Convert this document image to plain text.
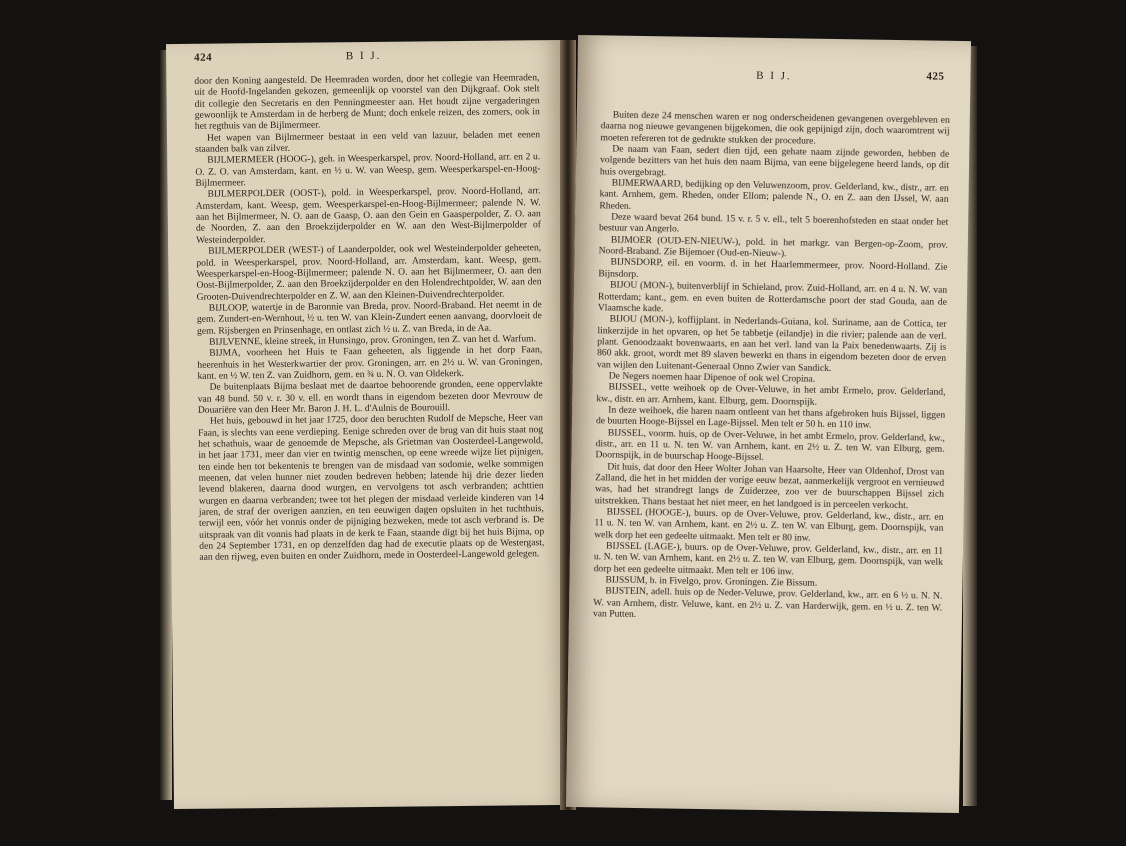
424	B I J.

door den Koning aangesteld. De Heemraden worden, door het collegie van Heemraden, uit de Hoofd-Ingelanden gekozen, gemeenlijk op voorstel van den Dijkgraaf. Ook stelt dit collegie den Secretaris en den Penningmeester aan. Het houdt zijne vergaderingen gewoonlijk te Amsterdam in de herberg de Munt; doch enkele reizen, des zomers, ook in het regthuis van de Bijlmermeer.

Het wapen van Bijlmermeer bestaat in een veld van lazuur, beladen met eenen staanden balk van zilver.

BIJLMERMEER (HOOG-), geh. in Weesperkarspel, prov. Noord-Holland, arr. en 2 u. O. Z. O. van Amsterdam, kant. en ½ u. W. van Weesp, gem. Weesperkarspel-en-Hoog-Bijlmermeer.

BIJLMERPOLDER (OOST-), pold. in Weesperkarspel, prov. Noord-Holland, arr. Amsterdam, kant. Weesp, gem. Weesperkarspel-en-Hoog-Bijlmermeer; palende N. W. aan het Bijlmermeer, N. O. aan de Gaasp, O. aan den Gein en Gaasperpolder, Z. O. aan de Noorden, Z. aan den Broekzijderpolder en W. aan den West-Bijlmerpolder of Westeinderpolder.

BIJLMERPOLDER (WEST-) of Laanderpolder, ook wel Westeinderpolder geheeten, pold. in Weesperkarspel, prov. Noord-Holland, arr. Amsterdam, kant. Weesp, gem. Weesperkarspel-en-Hoog-Bijlmermeer; palende N. O. aan het Bijlmermeer, O. aan den Oost-Bijlmerpolder, Z. aan den Broekzijderpolder en den Holendrechtpolder, W. aan den Grooten-Duivendrechterpolder en Z. W. aan den Kleinen-Duivendrechterpolder.

BIJLOOP, watertje in de Baronnie van Breda, prov. Noord-Braband. Het neemt in de gem. Zundert-en-Wernhout, ½ u. ten W. van Klein-Zundert eenen aanvang, doorvloeit de gem. Rijsbergen en Prinsenhage, en ontlast zich ½ u. Z. van Breda, in de Aa.

BIJLVENNE, kleine streek, in Hunsingo, prov. Groningen, ten Z. van het d. Warfum.

BIJMA, voorheen het Huis te Faan geheeten, als liggende in het dorp Faan, heerenhuis in het Westerkwartier der prov. Groningen, arr. en 2½ u. W. van Groningen, kant. en ½ W. ten Z. van Zuidhorn, gem. en ¾ u. N. O. van Oldekerk.

De buitenplaats Bijma beslaat met de daartoe behoorende gronden, eene oppervlakte van 48 bund. 50 v. r. 30 v. ell. en wordt thans in eigendom bezeten door Mevrouw de Douariëre van den Heer Mr. Baron J. H. L. d'Aulnis de Bourouill.

Het huis, gebouwd in het jaar 1725, door den beruchten Rudolf de Mepsche, Heer van Faan, is slechts van eene verdieping. Eenige schreden over de brug van dit huis staat nog het schathuis, waar de genoemde de Mepsche, als Grietman van Oosterdeel-Langewold, in het jaar 1731, meer dan vier en twintig menschen, op eene wreede wijze liet pijnigen, ten einde hen tot bekentenis te brengen van de misdaad van sodomie, welke sommigen meenen, dat velen hunner niet zouden bedreven hebben; latende hij drie dezer lieden levend blakeren, daarna dood wurgen, en vervolgens tot asch verbranden; achttien wurgen en daarna verbranden; twee tot het plegen der misdaad verleide kinderen van 14 jaren, de straf der overigen aanzien, en ten eeuwigen dagen opsluiten in het tuchthuis, terwijl een, vóór het vonnis onder de pijniging bezweken, mede tot asch verbrand is. De uitspraak van dit vonnis had plaats in de kerk te Faan, staande digt bij het huis Bijma, op den 24 September 1731, en op denzelfden dag had de executie plaats op de Westergast, aan den rijweg, even buiten en onder Zuidhorn, mede in Oosterdeel-Langewold gelegen.

B I J.	425

Buiten deze 24 menschen waren er nog onderscheidenen gevangenen overgebleven en daarna nog nieuwe gevangenen bijgekomen, die ook gepijnigd zijn, doch waaromtrent wij moeten refereren tot de gedrukte stukken der procedure.

De naam van Faan, sedert dien tijd, een gehate naam zijnde geworden, hebben de volgende bezitters van het huis den naam Bijma, van eene bijgelegene heerd lands, op dit huis overgebragt.

BIJMERWAARD, bedijking op den Veluwenzoom, prov. Gelderland, kw., distr., arr. en kant. Arnhem, gem. Rheden, onder Ellom; palende N., O. en Z. aan den IJssel, W. aan Rheden.

Deze waard bevat 264 bund. 15 v. r. 5 v. ell., telt 5 boerenhofsteden en staat onder het bestuur van Angerlo.

BIJMOER (OUD-EN-NIEUW-), pold. in het markgr. van Bergen-op-Zoom, prov. Noord-Braband. Zie Bijemoer (Oud-en-Nieuw-).

BIJNSDORP, eil. en voorm. d. in het Haarlemmermeer, prov. Noord-Holland. Zie Bijnsdorp.

BIJOU (MON-), buitenverblijf in Schieland, prov. Zuid-Holland, arr. en 4 u. N. W. van Rotterdam; kant., gem. en even buiten de Rotterdamsche poort der stad Gouda, aan de Vlaamsche kade.

BIJOU (MON-), koffijplant. in Nederlands-Guiana, kol. Suriname, aan de Cottica, ter linkerzijde in het opvaren, op het 5e tabbetje (eilandje) in die rivier; palende aan de verl. plant. Genoodzaakt bovenwaarts, en aan het verl. land van la Paix benedenwaarts. Zij is 860 akk. groot, wordt met 89 slaven bewerkt en thans in eigendom bezeten door de erven van wijlen den Luitenant-Generaal Onno Zwier van Sandick.

De Negers noemen haar Dipenoe of ook wel Cropina.

BIJSSEL, vette weihoek op de Over-Veluwe, in het ambt Ermelo, prov. Gelderland, kw., distr. en arr. Arnhem, kant. Elburg, gem. Doornspijk.

In deze weihoek, die haren naam ontleent van het thans afgebroken huis Bijssel, liggen de buurten Hooge-Bijssel en Lage-Bijssel. Men telt er 50 h. en 110 inw.

BIJSSEL, voorm. huis, op de Over-Veluwe, in het ambt Ermelo, prov. Gelderland, kw., distr., arr. en 11 u. N. ten W. van Arnhem, kant. en 2½ u. Z. ten W. van Elburg, gem. Doornspijk, in de buurschap Hooge-Bijssel.

Dit huis, dat door den Heer Wolter Johan van Haarsolte, Heer van Oldenhof, Drost van Zalland, die het in het midden der vorige eeuw bezat, aanmerkelijk vergroot en vernieuwd was, had het strandregt langs de Zuiderzee, zoo ver de buurschappen Bijssel zich uitstrekken. Thans bestaat het niet meer, en het landgoed is in perceelen verkocht.

BIJSSEL (HOOGE-), buurs. op de Over-Veluwe, prov. Gelderland, kw., distr., arr. en 11 u. N. ten W. van Arnhem, kant. en 2½ u. Z. ten W. van Elburg, gem. Doornspijk, van welk dorp het een gedeelte uitmaakt. Men telt er 80 inw.

BIJSSEL (LAGE-), buurs. op de Over-Veluwe, prov. Gelderland, kw., distr., arr. en 11 u. N. ten W. van Arnhem, kant. en 2½ u. Z. ten W. van Elburg, gem. Doornspijk, van welk dorp het een gedeelte uitmaakt. Men telt er 106 inw.

BIJSSUM, b. in Fivelgo, prov. Groningen. Zie Bissum.

BIJSTEIN, adell. huis op de Neder-Veluwe, prov. Gelderland, kw., arr. en 6 ½ u. N. N. W. van Arnhem, distr. Veluwe, kant. en 2½ u. Z. van Harderwijk, gem. en ½ u. Z. ten W. van Putten.
